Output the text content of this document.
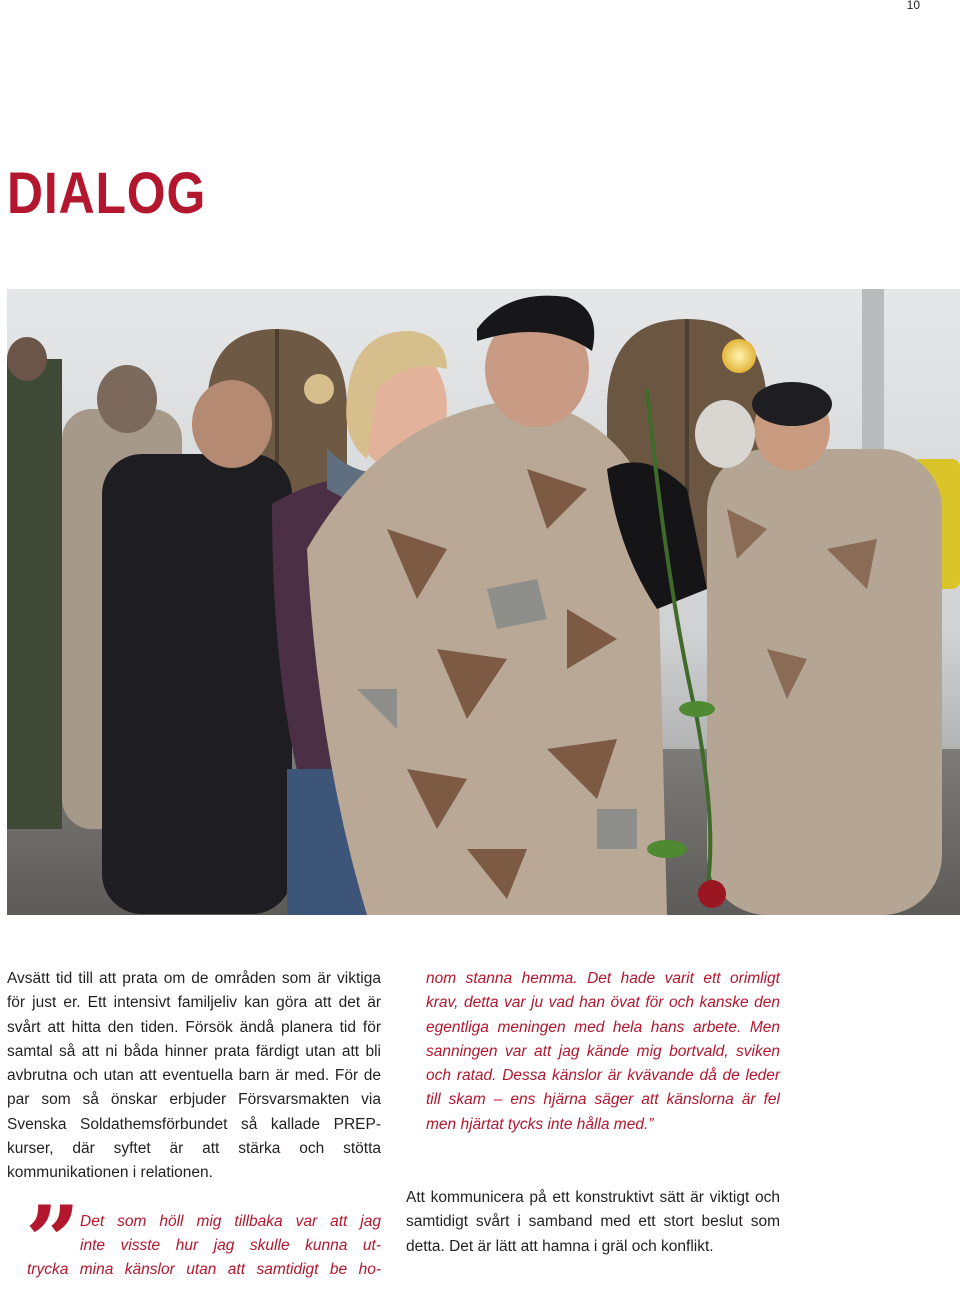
10
DIALOG

Avsätt tid till att prata om de områden som är viktiga för just er. Ett intensivt familjeliv kan göra att det är svårt att hitta den tiden. Försök ändå planera tid för samtal så att ni båda hinner prata färdigt utan att bli avbrutna och utan att eventuella barn är med. För de par som så önskar erbjuder Försvarsmakten via Svenska Soldathemsförbundet så kallade PREP-kurser, där syftet är att stärka och stötta kommunikationen i relationen.

” Det som höll mig tillbaka var att jag

inte visste hur jag skulle kunna ut-

trycka mina känslor utan att samtidigt be ho-

nom stanna hemma. Det hade varit ett orimligt krav, detta var ju vad han övat för och kanske den egentliga meningen med hela hans arbete. Men sanningen var att jag kände mig bortvald, sviken och ratad. Dessa känslor är kvävande då de leder till skam – ens hjärna säger att känslorna är fel men hjärtat tycks inte hålla med.”

Att kommunicera på ett konstruktivt sätt är viktigt och samtidigt svårt i samband med ett stort beslut som detta. Det är lätt att hamna i gräl och konflikt.
